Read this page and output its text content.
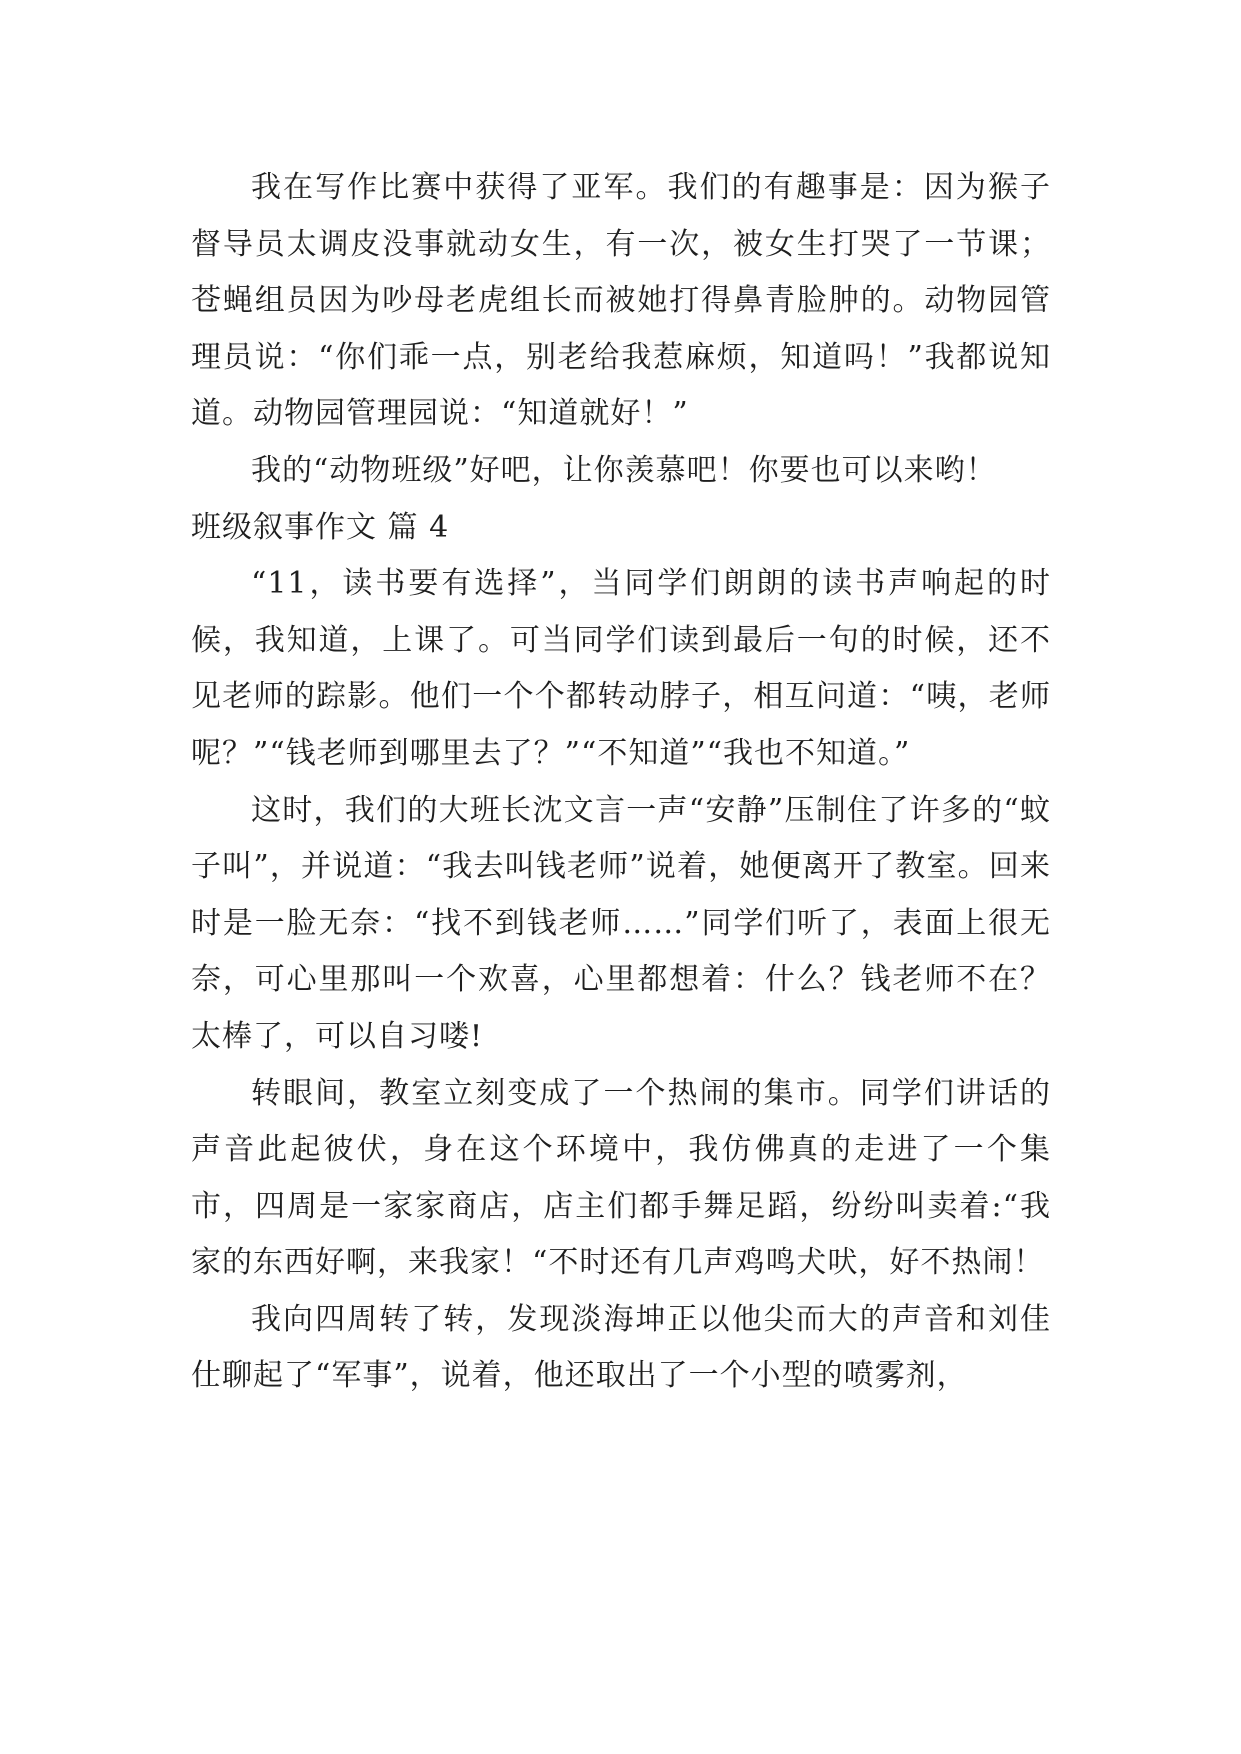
我在写作比赛中获得了亚军。我们的有趣事是：因为猴子督导员太调皮没事就动女生，有一次，被女生打哭了一节课；苍蝇组员因为吵母老虎组长而被她打得鼻青脸肿的。动物园管理员说：“你们乖一点，别老给我惹麻烦，知道吗！”我都说知道。动物园管理园说：“知道就好！”

我的“动物班级”好吧，让你羡慕吧！你要也可以来哟！

班级叙事作文 篇 4

“11，读书要有选择”，当同学们朗朗的读书声响起的时候，我知道，上课了。可当同学们读到最后一句的时候，还不见老师的踪影。他们一个个都转动脖子，相互问道：“咦，老师呢？”“钱老师到哪里去了？”“不知道”“我也不知道。”

这时，我们的大班长沈文言一声“安静”压制住了许多的“蚊子叫”，并说道：“我去叫钱老师”说着，她便离开了教室。回来时是一脸无奈：“找不到钱老师……”同学们听了，表面上很无奈，可心里那叫一个欢喜，心里都想着：什么？钱老师不在？太棒了，可以自习喽!

转眼间，教室立刻变成了一个热闹的集市。同学们讲话的声音此起彼伏，身在这个环境中，我仿佛真的走进了一个集市，四周是一家家商店，店主们都手舞足蹈，纷纷叫卖着:“我家的东西好啊，来我家！“不时还有几声鸡鸣犬吠，好不热闹！

我向四周转了转，发现淡海坤正以他尖而大的声音和刘佳仕聊起了“军事”，说着，他还取出了一个小型的喷雾剂，
